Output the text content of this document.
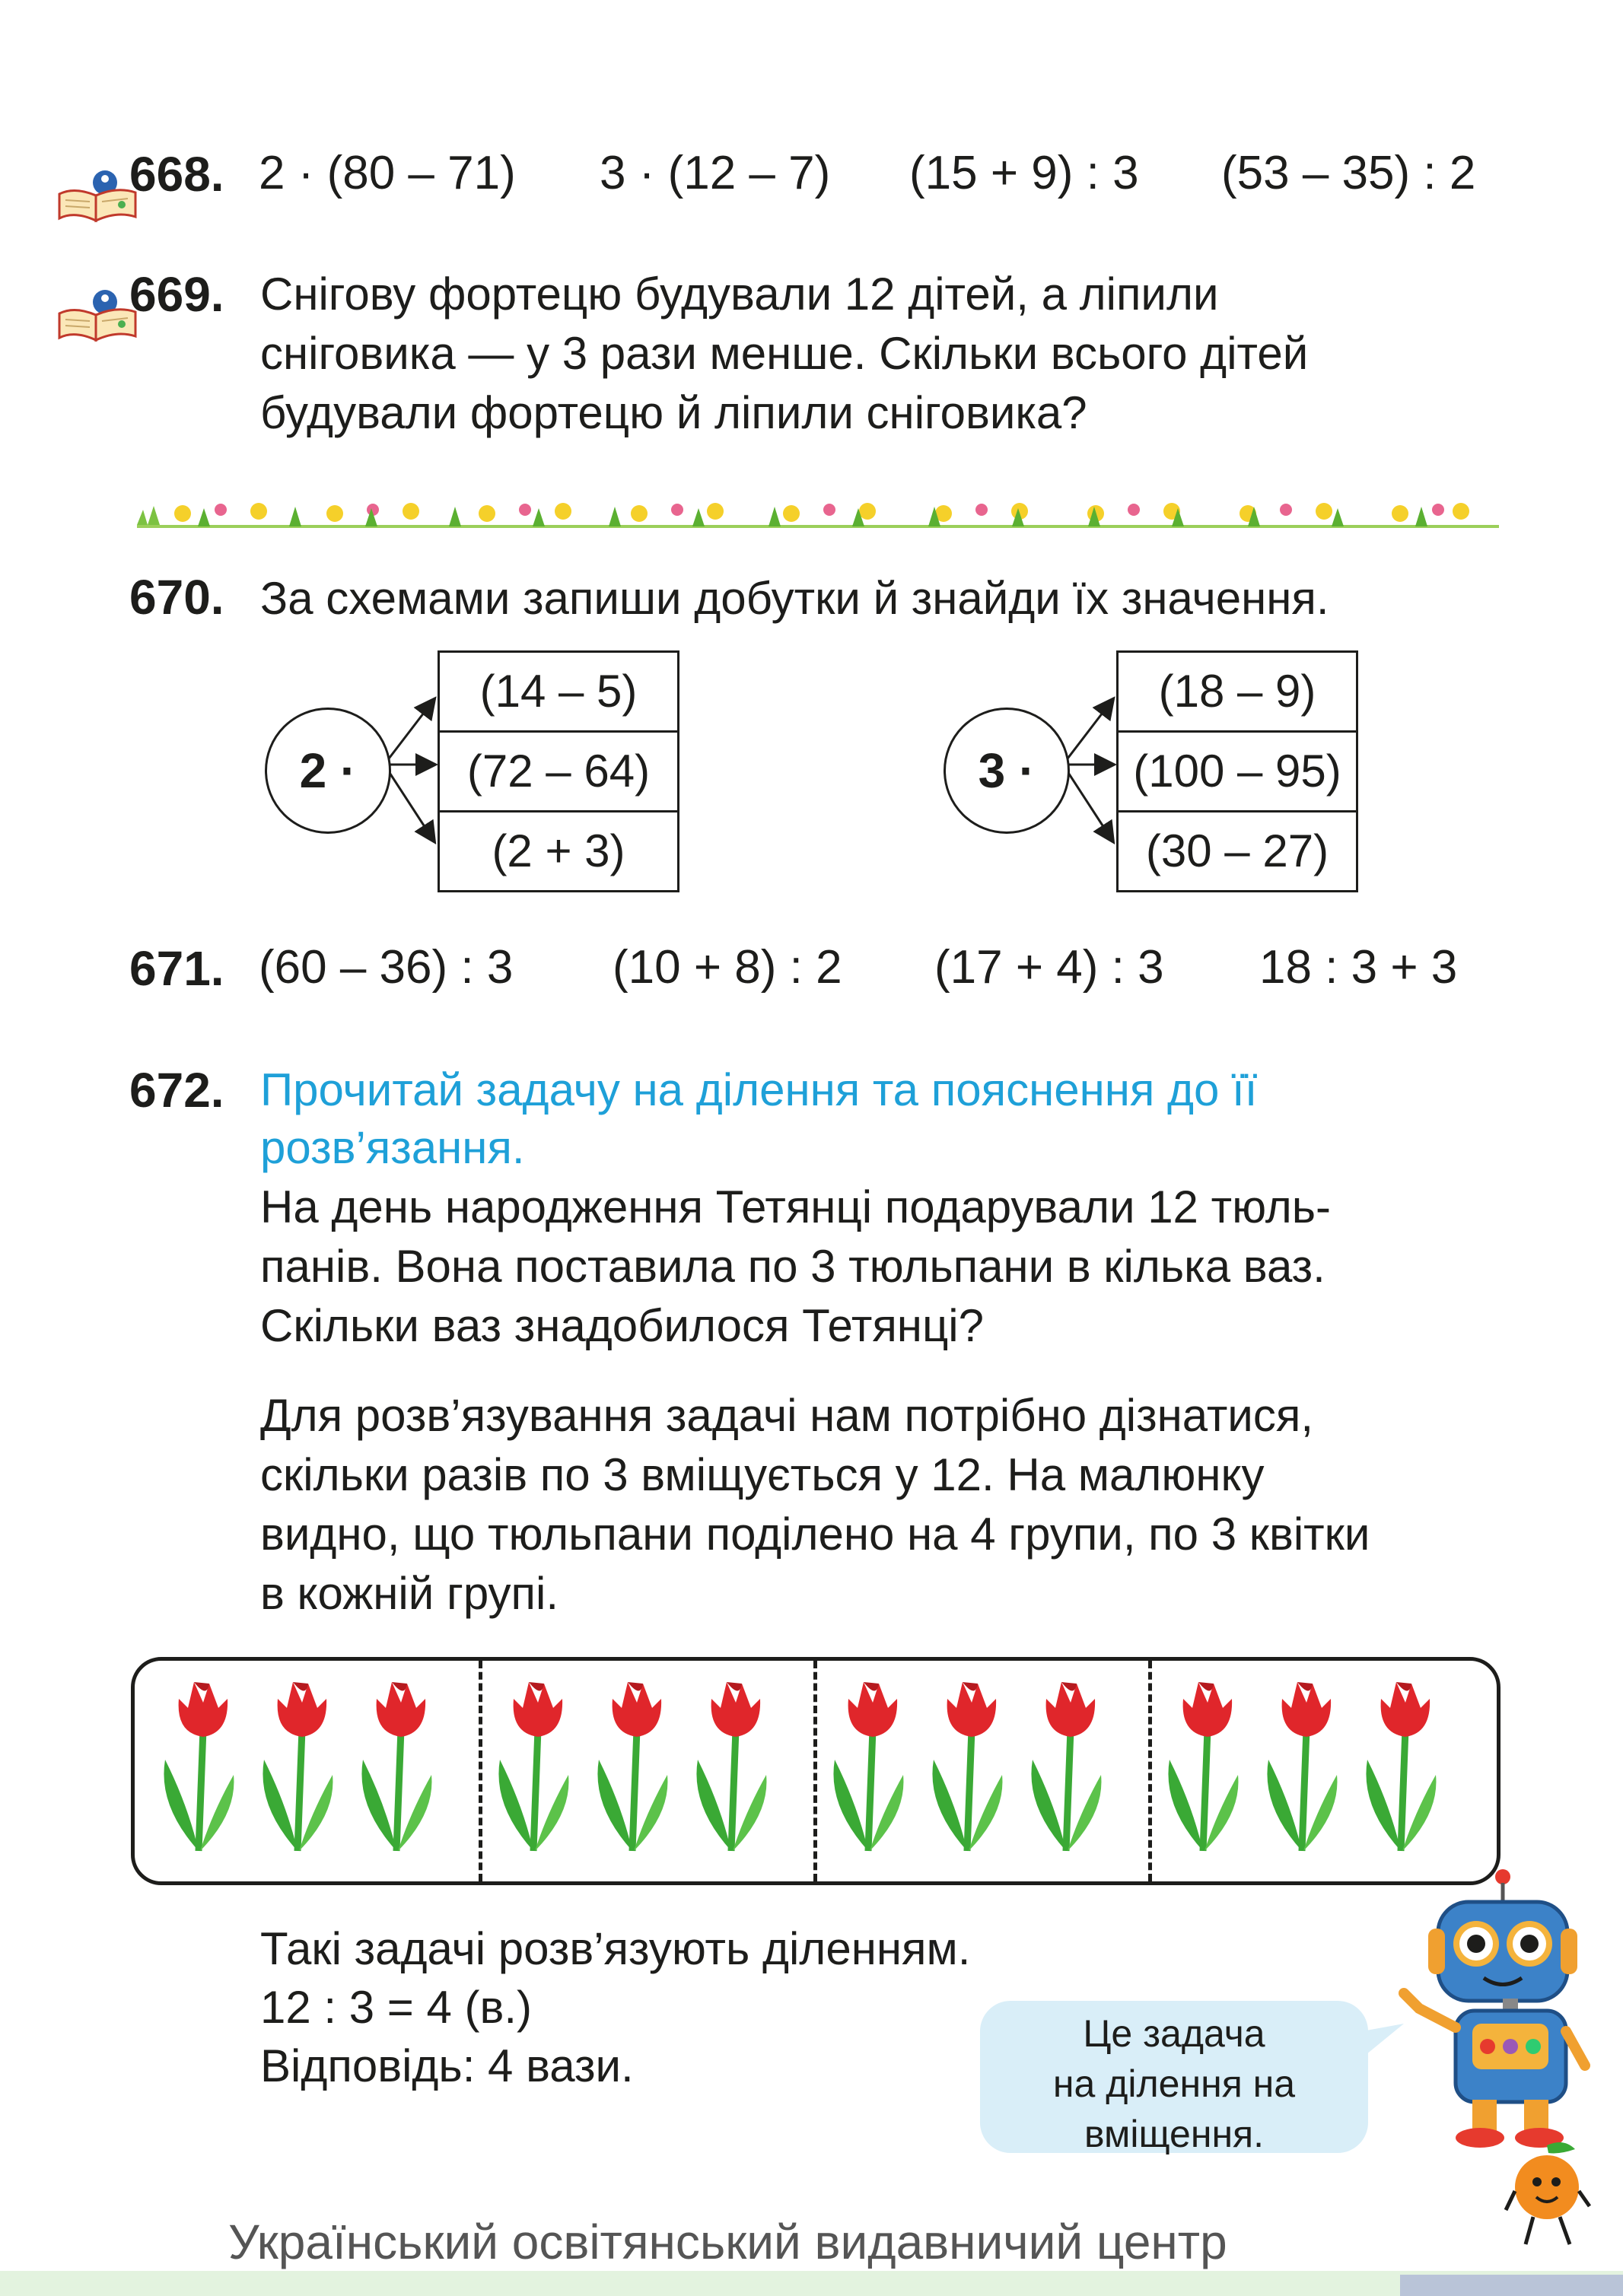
668. 2 · (80 – 71) 3 · (12 – 7) (15 + 9) : 3 (53 – 35) : 2
669. Снігову фортецю будували 12 дітей, а ліпили
сніговика — у 3 рази менше. Скільки всього дітей
будували фортецю й ліпили сніговика?
670. За схемами запиши добутки й знайди їх значення.
2 ·
(14 – 5)
(72 – 64)
(2 + 3)
3 ·
(18 – 9)
(100 – 95)
(30 – 27)
671. (60 – 36) : 3 (10 + 8) : 2 (17 + 4) : 3 18 : 3 + 3
672. Прочитай задачу на ділення та пояснення до її
розв’язання.
На день народження Тетянці подарували 12 тюль-
панів. Вона поставила по 3 тюльпани в кілька ваз.
Скільки ваз знадобилося Тетянці?
Для розв’язування задачі нам потрібно дізнатися,
скільки разів по 3 вміщується у 12. На малюнку
видно, що тюльпани поділено на 4 групи, по 3 квітки
в кожній групі.
Такі задачі розв’язують діленням.
12 : 3 = 4 (в.)
Відповідь: 4 вази.
Це задача
на ділення на
вміщення.
Український освітянський видавничий центр
